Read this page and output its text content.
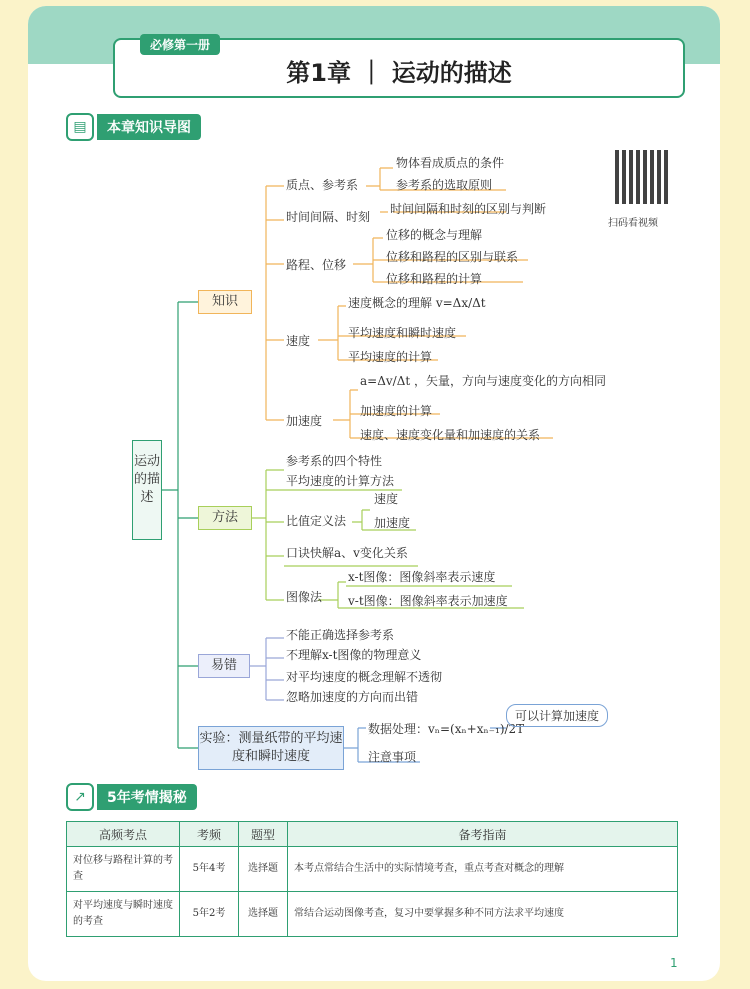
第1章 ｜ 运动的描述
必修第一册
▤	本章知识导图
扫码看视频
运动的描述
知识
方法
易错
实验：测量纸带的平均速度和瞬时速度
质点、参考系
物体看成质点的条件
参考系的选取原则
时间间隔、时刻
时间间隔和时刻的区别与判断
路程、位移
位移的概念与理解
位移和路程的区别与联系
位移和路程的计算
速度
速度概念的理解 v=Δx/Δt
平均速度和瞬时速度
平均速度的计算
加速度
a=Δv/Δt ，矢量，方向与速度变化的方向相同
加速度的计算
速度、速度变化量和加速度的关系
参考系的四个特性
平均速度的计算方法
比值定义法
速度
加速度
口诀快解a、v变化关系
图像法
x-t图像：图像斜率表示速度
v-t图像：图像斜率表示加速度
不能正确选择参考系
不理解x-t图像的物理意义
对平均速度的概念理解不透彻
忽略加速度的方向而出错
数据处理：vₙ=(xₙ+xₙ₋₁)/2T
可以计算加速度
注意事项
↗	5年考情揭秘
高频考点	考频	题型	备考指南
对位移与路程计算的考查	5年4考	选择题	本考点常结合生活中的实际情境考查，重点考查对概念的理解
对平均速度与瞬时速度的考查	5年2考	选择题	常结合运动图像考查，复习中要掌握多种不同方法求平均速度
1
